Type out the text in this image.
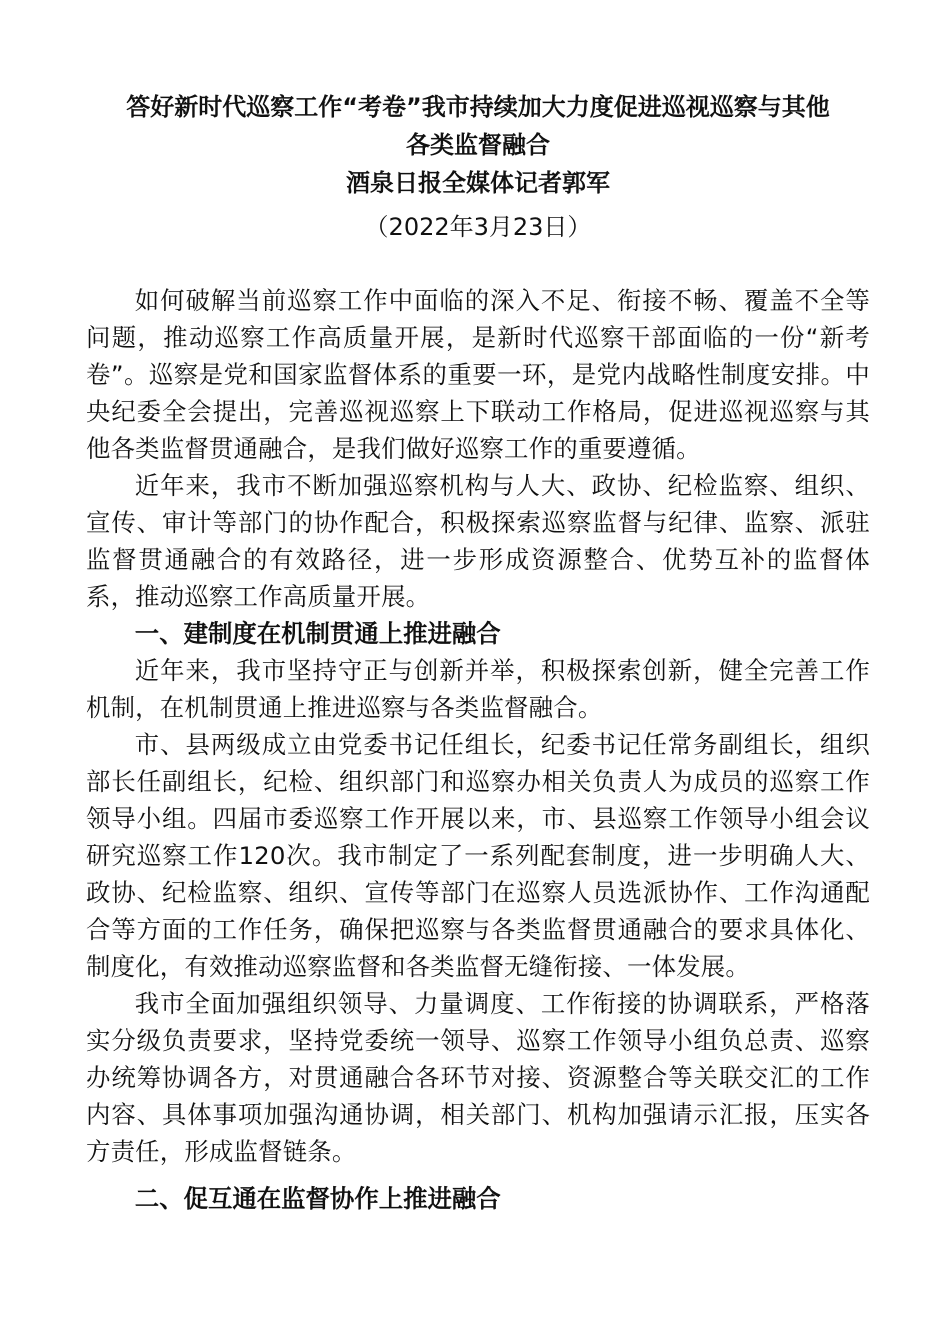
答好新时代巡察工作“考卷”我市持续加大力度促进巡视巡察与其他

各类监督融合

酒泉日报全媒体记者郭军

（2022年3月23日）

如何破解当前巡察工作中面临的深入不足、衔接不畅、覆盖不全等问题，推动巡察工作高质量开展，是新时代巡察干部面临的一份“新考卷”。巡察是党和国家监督体系的重要一环，是党内战略性制度安排。中央纪委全会提出，完善巡视巡察上下联动工作格局，促进巡视巡察与其他各类监督贯通融合，是我们做好巡察工作的重要遵循。

近年来，我市不断加强巡察机构与人大、政协、纪检监察、组织、宣传、审计等部门的协作配合，积极探索巡察监督与纪律、监察、派驻监督贯通融合的有效路径，进一步形成资源整合、优势互补的监督体系，推动巡察工作高质量开展。

一、建制度在机制贯通上推进融合

近年来，我市坚持守正与创新并举，积极探索创新，健全完善工作机制，在机制贯通上推进巡察与各类监督融合。

市、县两级成立由党委书记任组长，纪委书记任常务副组长，组织部长任副组长，纪检、组织部门和巡察办相关负责人为成员的巡察工作领导小组。四届市委巡察工作开展以来，市、县巡察工作领导小组会议研究巡察工作120次。我市制定了一系列配套制度，进一步明确人大、政协、纪检监察、组织、宣传等部门在巡察人员选派协作、工作沟通配合等方面的工作任务，确保把巡察与各类监督贯通融合的要求具体化、制度化，有效推动巡察监督和各类监督无缝衔接、一体发展。

我市全面加强组织领导、力量调度、工作衔接的协调联系，严格落实分级负责要求，坚持党委统一领导、巡察工作领导小组负总责、巡察办统筹协调各方，对贯通融合各环节对接、资源整合等关联交汇的工作内容、具体事项加强沟通协调，相关部门、机构加强请示汇报，压实各方责任，形成监督链条。

二、促互通在监督协作上推进融合
